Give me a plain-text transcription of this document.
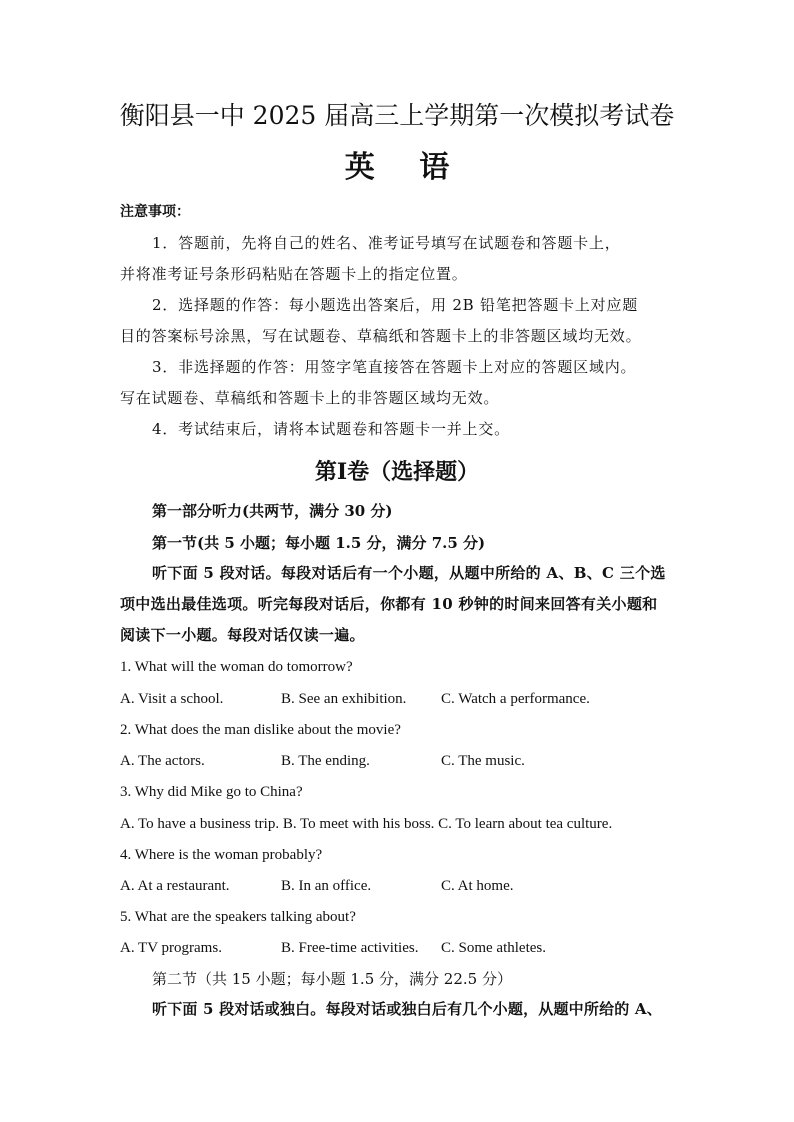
衡阳县一中 2025 届高三上学期第一次模拟考试卷
英 语
注意事项：
1．答题前，先将自己的姓名、准考证号填写在试题卷和答题卡上，
并将准考证号条形码粘贴在答题卡上的指定位置。
2．选择题的作答：每小题选出答案后，用 2B 铅笔把答题卡上对应题
目的答案标号涂黑，写在试题卷、草稿纸和答题卡上的非答题区域均无效。
3．非选择题的作答：用签字笔直接答在答题卡上对应的答题区域内。
写在试题卷、草稿纸和答题卡上的非答题区域均无效。
4．考试结束后，请将本试题卷和答题卡一并上交。
第Ⅰ卷（选择题）
第一部分听力(共两节，满分 30 分)
第一节(共 5 小题；每小题 1.5 分，满分 7.5 分)
听下面 5 段对话。每段对话后有一个小题，从题中所给的 A、B、C 三个选
项中选出最佳选项。听完每段对话后，你都有 10 秒钟的时间来回答有关小题和
阅读下一小题。每段对话仅读一遍。
1. What will the woman do tomorrow?
A. Visit a school.	B. See an exhibition. C. Watch a performance.
2. What does the man dislike about the movie?
A. The actors.	B. The ending.	C. The music.
3. Why did Mike go to China?
A. To have a business trip. B. To meet with his boss. C. To learn about tea culture.
4. Where is the woman probably?
A. At a restaurant.	B. In an office.	C. At home.
5. What are the speakers talking about?
A. TV programs.	B. Free-time activities. C. Some athletes.
第二节（共 15 小题；每小题 1.5 分，满分 22.5 分）
听下面 5 段对话或独白。每段对话或独白后有几个小题，从题中所给的 A、
